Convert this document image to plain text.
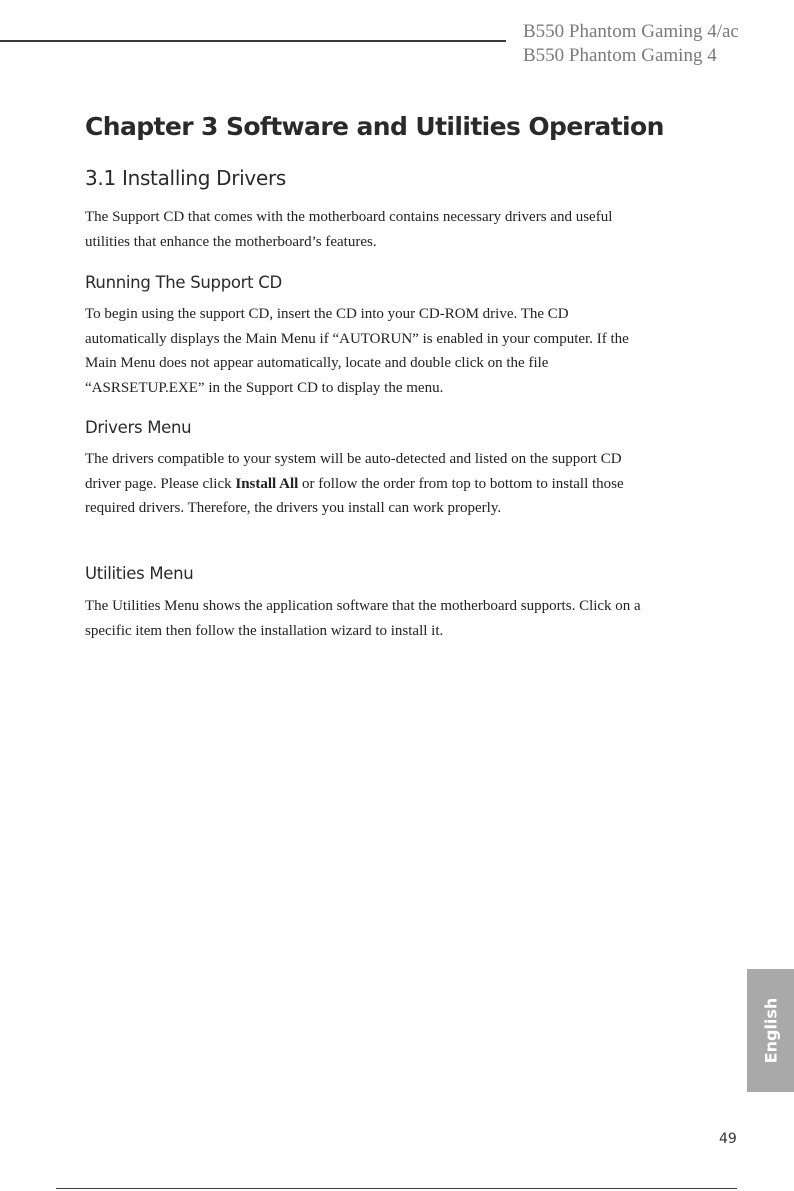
B550 Phantom Gaming 4/ac
B550 Phantom Gaming 4
Chapter 3 Software and Utilities Operation
3.1 Installing Drivers

The Support CD that comes with the motherboard contains necessary drivers and useful utilities that enhance the motherboard’s features.

Running The Support CD

To begin using the support CD, insert the CD into your CD-ROM drive. The CD automatically displays the Main Menu if “AUTORUN” is enabled in your computer. If the Main Menu does not appear automatically, locate and double click on the file “ASRSETUP.EXE” in the Support CD to display the menu.

Drivers Menu

The drivers compatible to your system will be auto-detected and listed on the support CD driver page. Please click Install All or follow the order from top to bottom to install those required drivers. Therefore, the drivers you install can work properly.

Utilities Menu

The Utilities Menu shows the application software that the motherboard supports. Click on a specific item then follow the installation wizard to install it.

English
49
